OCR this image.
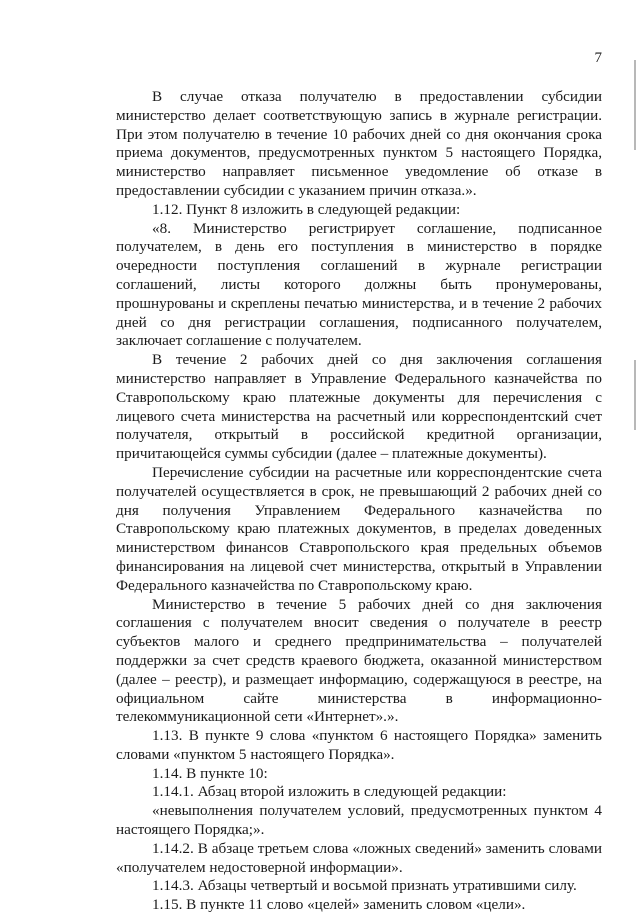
7

В случае отказа получателю в предоставлении субсидии министерство делает соответствующую запись в журнале регистрации. При этом получателю в течение 10 рабочих дней со дня окончания срока приема документов, предусмотренных пунктом 5 настоящего Порядка, министерство направляет письменное уведомление об отказе в предоставлении субсидии с указанием причин отказа.».

1.12. Пункт 8 изложить в следующей редакции:

«8. Министерство регистрирует соглашение, подписанное получателем, в день его поступления в министерство в порядке очередности поступления соглашений в журнале регистрации соглашений, листы которого должны быть пронумерованы, прошнурованы и скреплены печатью министерства, и в течение 2 рабочих дней со дня регистрации соглашения, подписанного получателем, заключает соглашение с получателем.

В течение 2 рабочих дней со дня заключения соглашения министерство направляет в Управление Федерального казначейства по Ставропольскому краю платежные документы для перечисления с лицевого счета министерства на расчетный или корреспондентский счет получателя, открытый в российской кредитной организации, причитающейся суммы субсидии (далее – платежные документы).

Перечисление субсидии на расчетные или корреспондентские счета получателей осуществляется в срок, не превышающий 2 рабочих дней со дня получения Управлением Федерального казначейства по Ставропольскому краю платежных документов, в пределах доведенных министерством финансов Ставропольского края предельных объемов финансирования на лицевой счет министерства, открытый в Управлении Федерального казначейства по Ставропольскому краю.

Министерство в течение 5 рабочих дней со дня заключения соглашения с получателем вносит сведения о получателе в реестр субъектов малого и среднего предпринимательства – получателей поддержки за счет средств краевого бюджета, оказанной министерством (далее – реестр), и размещает информацию, содержащуюся в реестре, на официальном сайте министерства в информационно-телекоммуникационной сети «Интернет».».

1.13. В пункте 9 слова «пунктом 6 настоящего Порядка» заменить словами «пунктом 5 настоящего Порядка».

1.14. В пункте 10:

1.14.1. Абзац второй изложить в следующей редакции:

«невыполнения получателем условий, предусмотренных пунктом 4 настоящего Порядка;».

1.14.2. В абзаце третьем слова «ложных сведений» заменить словами «получателем недостоверной информации».

1.14.3. Абзацы четвертый и восьмой признать утратившими силу.

1.15. В пункте 11 слово «целей» заменить словом «цели».
